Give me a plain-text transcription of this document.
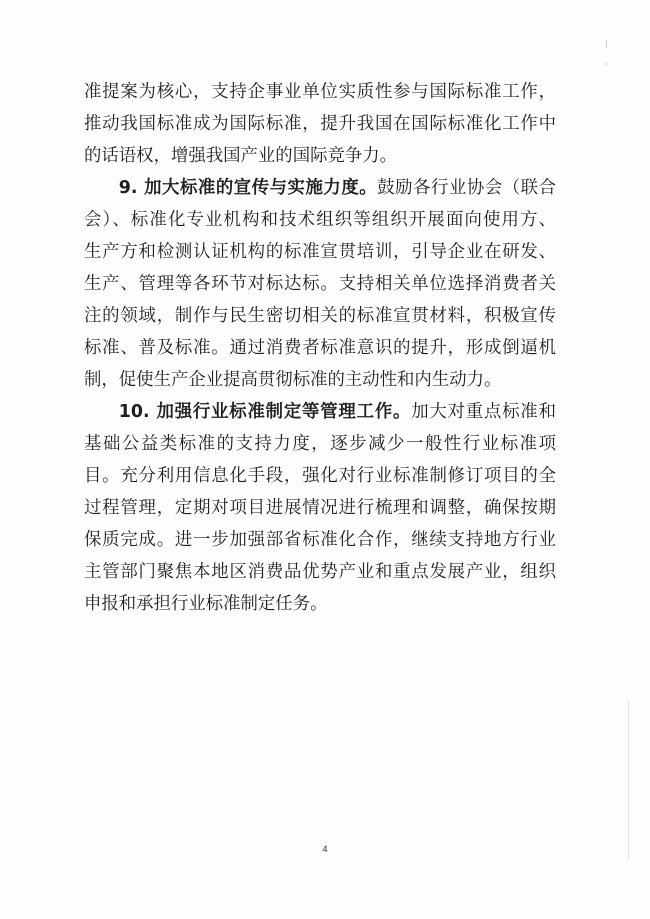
准提案为核心，支持企事业单位实质性参与国际标准工作，
推动我国标准成为国际标准，提升我国在国际标准化工作中
的话语权，增强我国产业的国际竞争力。
9. 加大标准的宣传与实施力度。鼓励各行业协会（联合
会）、标准化专业机构和技术组织等组织开展面向使用方、
生产方和检测认证机构的标准宣贯培训，引导企业在研发、
生产、管理等各环节对标达标。支持相关单位选择消费者关
注的领域，制作与民生密切相关的标准宣贯材料，积极宣传
标准、普及标准。通过消费者标准意识的提升，形成倒逼机
制，促使生产企业提高贯彻标准的主动性和内生动力。
10. 加强行业标准制定等管理工作。加大对重点标准和
基础公益类标准的支持力度，逐步减少一般性行业标准项
目。充分利用信息化手段，强化对行业标准制修订项目的全
过程管理，定期对项目进展情况进行梳理和调整，确保按期
保质完成。进一步加强部省标准化合作，继续支持地方行业
主管部门聚焦本地区消费品优势产业和重点发展产业，组织
申报和承担行业标准制定任务。
4
